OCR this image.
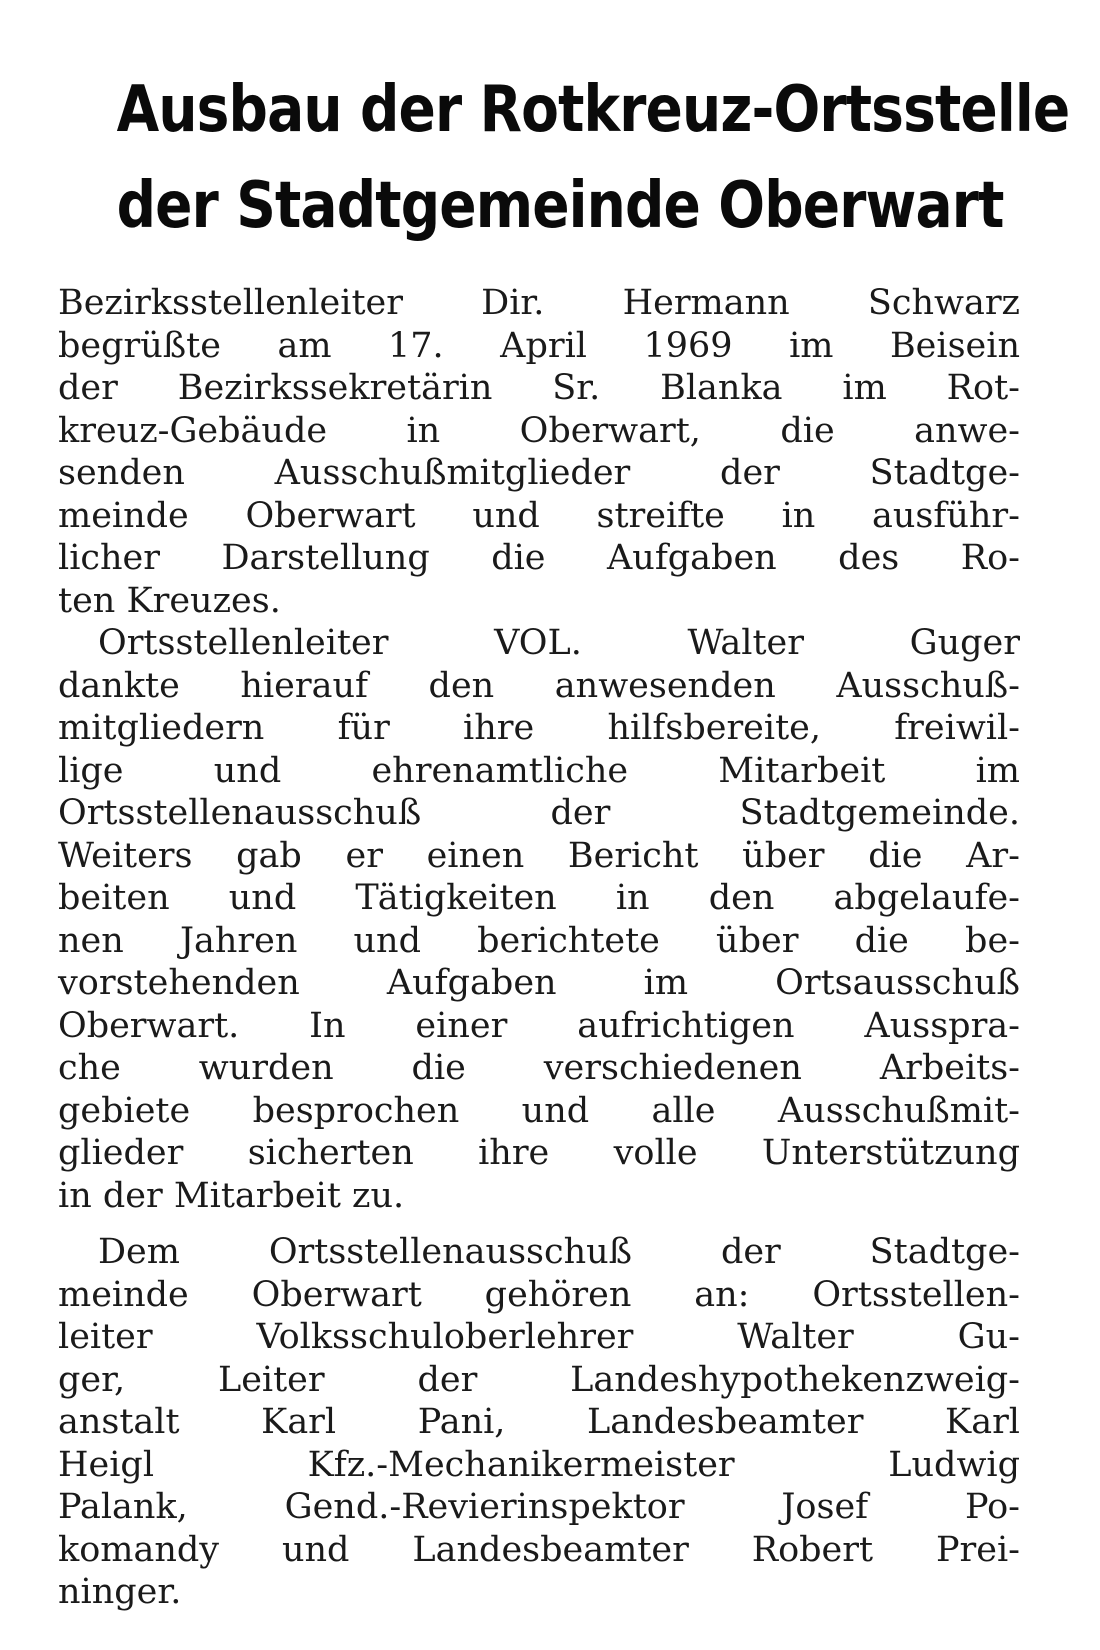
Ausbau der Rotkreuz-Ortsstelle
der Stadtgemeinde Oberwart
Bezirksstellenleiter Dir. Hermann Schwarz
begrüßte am 17. April 1969 im Beisein
der Bezirkssekretärin Sr. Blanka im Rot-
kreuz-Gebäude in Oberwart, die anwe-
senden Ausschußmitglieder der Stadtge-
meinde Oberwart und streifte in ausführ-
licher Darstellung die Aufgaben des Ro-
ten Kreuzes.
Ortsstellenleiter VOL. Walter Guger
dankte hierauf den anwesenden Ausschuß-
mitgliedern für ihre hilfsbereite, freiwil-
lige und ehrenamtliche Mitarbeit im
Ortsstellenausschuß der Stadtgemeinde.
Weiters gab er einen Bericht über die Ar-
beiten und Tätigkeiten in den abgelaufe-
nen Jahren und berichtete über die be-
vorstehenden Aufgaben im Ortsausschuß
Oberwart. In einer aufrichtigen Ausspra-
che wurden die verschiedenen Arbeits-
gebiete besprochen und alle Ausschußmit-
glieder sicherten ihre volle Unterstützung
in der Mitarbeit zu.
Dem Ortsstellenausschuß der Stadtge-
meinde Oberwart gehören an: Ortsstellen-
leiter Volksschuloberlehrer Walter Gu-
ger, Leiter der Landeshypothekenzweig-
anstalt Karl Pani, Landesbeamter Karl
Heigl Kfz.-Mechanikermeister Ludwig
Palank, Gend.-Revierinspektor Josef Po-
komandy und Landesbeamter Robert Prei-
ninger.
